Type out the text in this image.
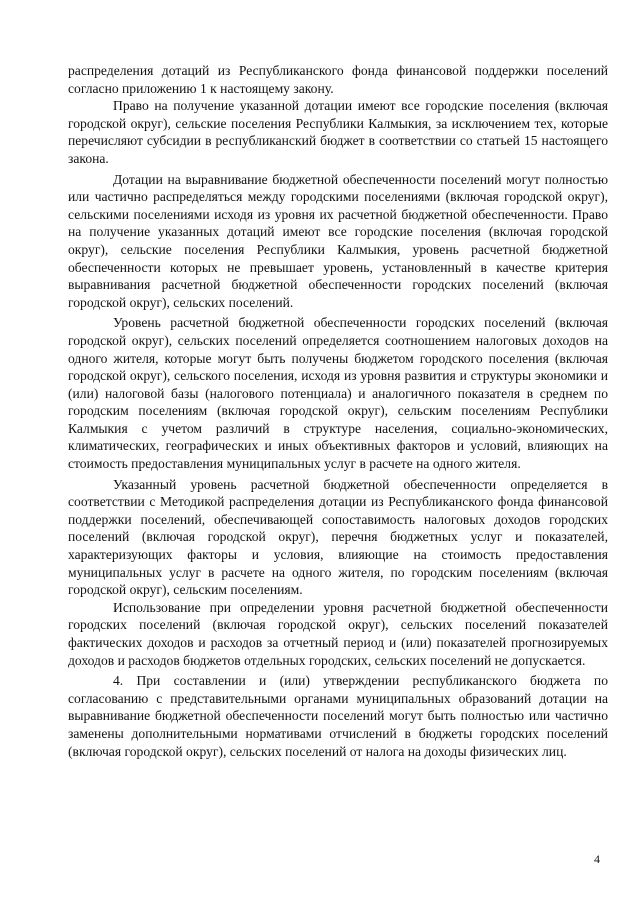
распределения дотаций из Республиканского фонда финансовой поддержки поселений согласно приложению 1 к настоящему закону.

Право на получение указанной дотации имеют все городские поселения (включая городской округ), сельские поселения Республики Калмыкия, за исключением тех, которые перечисляют субсидии в республиканский бюджет в соответствии со статьей 15 настоящего закона.

Дотации на выравнивание бюджетной обеспеченности поселений могут полностью или частично распределяться между городскими поселениями (включая городской округ), сельскими поселениями исходя из уровня их расчетной бюджетной обеспеченности. Право на получение указанных дотаций имеют все городские поселения (включая городской округ), сельские поселения Республики Калмыкия, уровень расчетной бюджетной обеспеченности которых не превышает уровень, установленный в качестве критерия выравнивания расчетной бюджетной обеспеченности городских поселений (включая городской округ), сельских поселений.

Уровень расчетной бюджетной обеспеченности городских поселений (включая городской округ), сельских поселений определяется соотношением налоговых доходов на одного жителя, которые могут быть получены бюджетом городского поселения (включая городской округ), сельского поселения, исходя из уровня развития и структуры экономики и (или) налоговой базы (налогового потенциала) и аналогичного показателя в среднем по городским поселениям (включая городской округ), сельским поселениям Республики Калмыкия с учетом различий в структуре населения, социально-экономических, климатических, географических и иных объективных факторов и условий, влияющих на стоимость предоставления муниципальных услуг в расчете на одного жителя.

Указанный уровень расчетной бюджетной обеспеченности определяется в соответствии с Методикой распределения дотации из Республиканского фонда финансовой поддержки поселений, обеспечивающей сопоставимость налоговых доходов городских поселений (включая городской округ), перечня бюджетных услуг и показателей, характеризующих факторы и условия, влияющие на стоимость предоставления муниципальных услуг в расчете на одного жителя, по городским поселениям (включая городской округ), сельским поселениям.

Использование при определении уровня расчетной бюджетной обеспеченности городских поселений (включая городской округ), сельских поселений показателей фактических доходов и расходов за отчетный период и (или) показателей прогнозируемых доходов и расходов бюджетов отдельных городских, сельских поселений не допускается.

4. При составлении и (или) утверждении республиканского бюджета по согласованию с представительными органами муниципальных образований дотации на выравнивание бюджетной обеспеченности поселений могут быть полностью или частично заменены дополнительными нормативами отчислений в бюджеты городских поселений (включая городской округ), сельских поселений от налога на доходы физических лиц.

4
